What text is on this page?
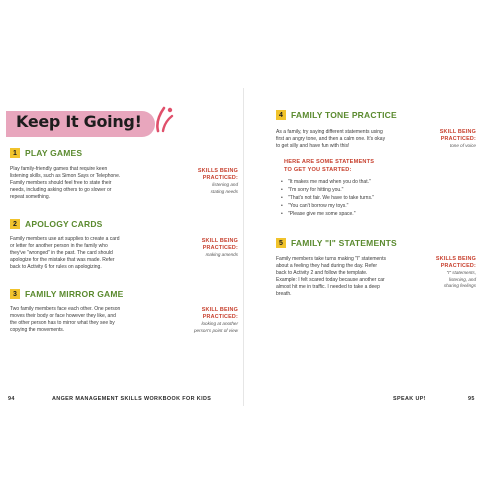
Keep It Going!
1 PLAY GAMES
Play family-friendly games that require keen
listening skills, such as Simon Says or Telephone.
Family members should feel free to state their
needs, including asking others to go slower or
repeat something.
SKILLS BEING
PRACTICED:
listening and
stating needs
2 APOLOGY CARDS
Family members use art supplies to create a card
or letter for another person in the family who
they've "wronged" in the past. The card should
apologize for the mistake that was made. Refer
back to Activity 6 for rules on apologizing.
SKILL BEING
PRACTICED:
making amends
3 FAMILY MIRROR GAME
Two family members face each other. One person
moves their body or face however they like, and
the other person has to mirror what they see by
copying the movements.
SKILL BEING
PRACTICED:
looking at another
person's point of view
94	ANGER MANAGEMENT SKILLS WORKBOOK FOR KIDS
4 FAMILY TONE PRACTICE
As a family, try saying different statements using
first an angry tone, and then a calm one. It's okay
to get silly and have fun with this!
HERE ARE SOME STATEMENTS
TO GET YOU STARTED:
• "It makes me mad when you do that."
• "I'm sorry for hitting you."
• "That's not fair. We have to take turns."
• "You can't borrow my toys."
• "Please give me some space."
SKILL BEING
PRACTICED:
tone of voice
5 FAMILY "I" STATEMENTS
Family members take turns making "I" statements
about a feeling they had during the day. Refer
back to Activity 2 and follow the template.
Example: I felt scared today because another car
almost hit me in traffic. I needed to take a deep
breath.
SKILLS BEING
PRACTICED:
"I" statements,
listening, and
sharing feelings
SPEAK UP!	95
